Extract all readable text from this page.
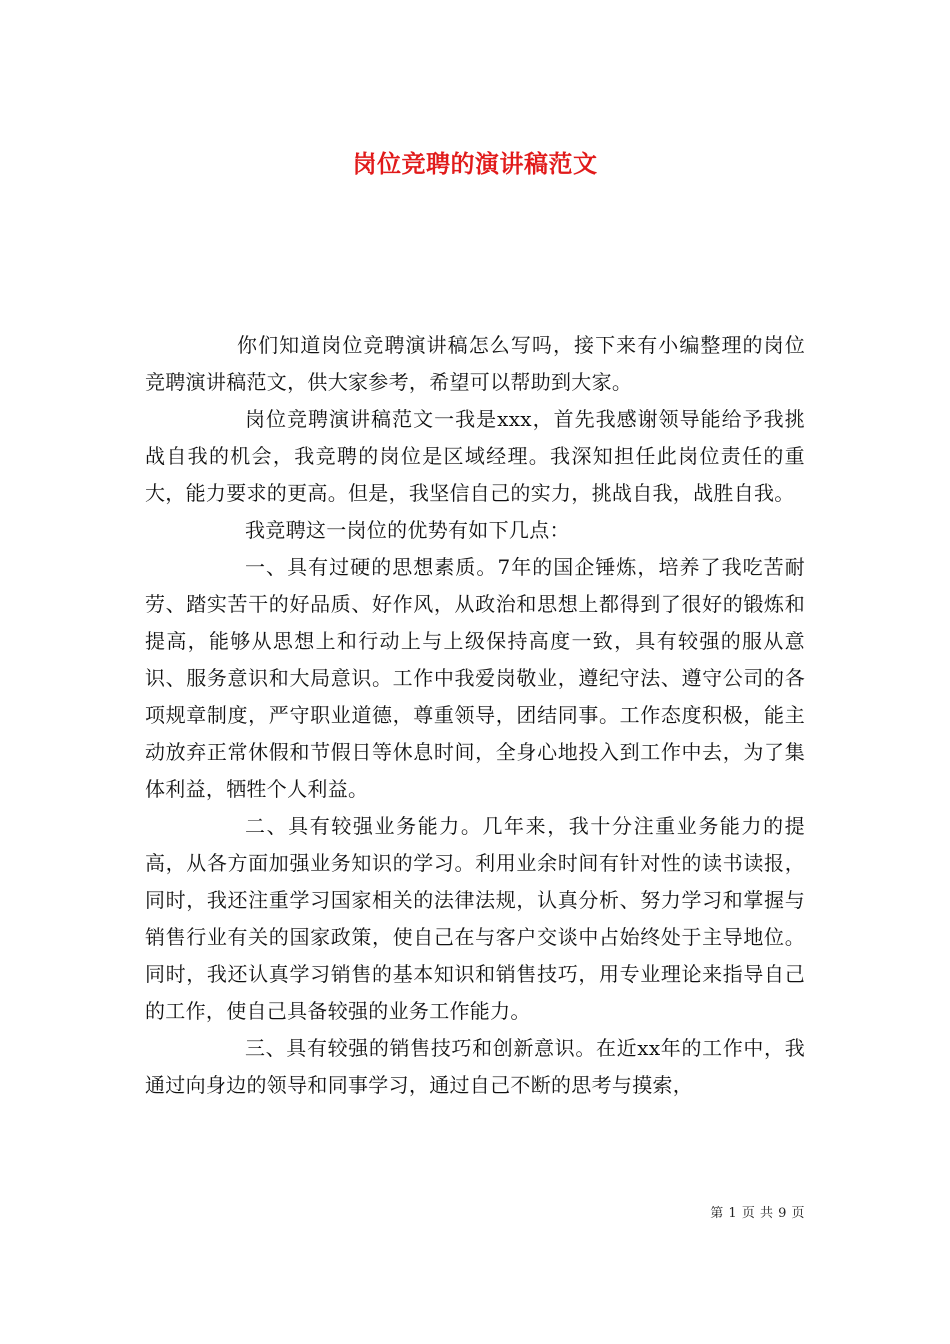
岗位竞聘的演讲稿范文

你们知道岗位竞聘演讲稿怎么写吗，接下来有小编整理的岗位竞聘演讲稿范文，供大家参考，希望可以帮助到大家。

岗位竞聘演讲稿范文一我是xxx，首先我感谢领导能给予我挑战自我的机会，我竞聘的岗位是区域经理。我深知担任此岗位责任的重大，能力要求的更高。但是，我坚信自己的实力，挑战自我，战胜自我。

我竞聘这一岗位的优势有如下几点：

一、具有过硬的思想素质。7年的国企锤炼，培养了我吃苦耐劳、踏实苦干的好品质、好作风，从政治和思想上都得到了很好的锻炼和提高，能够从思想上和行动上与上级保持高度一致，具有较强的服从意识、服务意识和大局意识。工作中我爱岗敬业，遵纪守法、遵守公司的各项规章制度，严守职业道德，尊重领导，团结同事。工作态度积极，能主动放弃正常休假和节假日等休息时间，全身心地投入到工作中去，为了集体利益，牺牲个人利益。

二、具有较强业务能力。几年来，我十分注重业务能力的提高，从各方面加强业务知识的学习。利用业余时间有针对性的读书读报，同时，我还注重学习国家相关的法律法规，认真分析、努力学习和掌握与销售行业有关的国家政策，使自己在与客户交谈中占始终处于主导地位。同时，我还认真学习销售的基本知识和销售技巧，用专业理论来指导自己的工作，使自己具备较强的业务工作能力。

三、具有较强的销售技巧和创新意识。在近xx年的工作中，我通过向身边的领导和同事学习，通过自己不断的思考与摸索，

第 1 页 共 9 页
